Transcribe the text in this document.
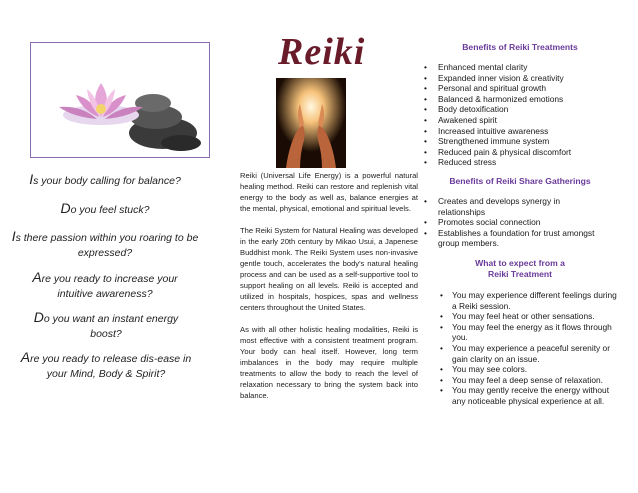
Is your body calling for balance?
Do you feel stuck?
Is there passion within you roaring to be expressed?
Are you ready to increase your intuitive awareness?
Do you want an instant energy boost?
Are you ready to release dis-ease in your Mind, Body & Spirit?
Reiki

Reiki (Universal Life Energy) is a powerful natural healing method. Reiki can restore and replenish vital energy to the body as well as, balance energies at the mental, physical, emotional and spiritual levels.

The Reiki System for Natural Healing was developed in the early 20th century by Mikao Usui, a Japenese Buddhist monk. The Reiki System uses non-invasive gentle touch, accelerates the body's natural healing process and can be used as a self-supportive tool to support healing on all levels. Reiki is accepted and utilized in hospitals, hospices, spas and wellness centers throughout the United States.

As with all other holistic healing modalities, Reiki is most effective with a consistent treatment program. Your body can heal itself. However, long term imbalances in the body may require multiple treatments to allow the body to reach the level of relaxation necessary to bring the system back into balance.

Benefits of Reiki Treatments
• Enhanced mental clarity
• Expanded inner vision & creativity
• Personal and spiritual growth
• Balanced & harmonized emotions
• Body detoxification
• Awakened spirit
• Increased intuitive awareness
• Strengthened immune system
• Reduced pain & physical discomfort
• Reduced stress
Benefits of Reiki Share Gatherings
• Creates and develops synergy in relationships
• Promotes social connection
• Establishes a foundation for trust amongst group members.
What to expect from a
Reiki Treatment
• You may experience different feelings during a Reiki session.
• You may feel heat or other sensations.
• You may feel the energy as it flows through you.
• You may experience a peaceful serenity or gain clarity on an issue.
• You may see colors.
• You may feel a deep sense of relaxation.
• You may gently receive the energy without any noticeable physical experience at all.
